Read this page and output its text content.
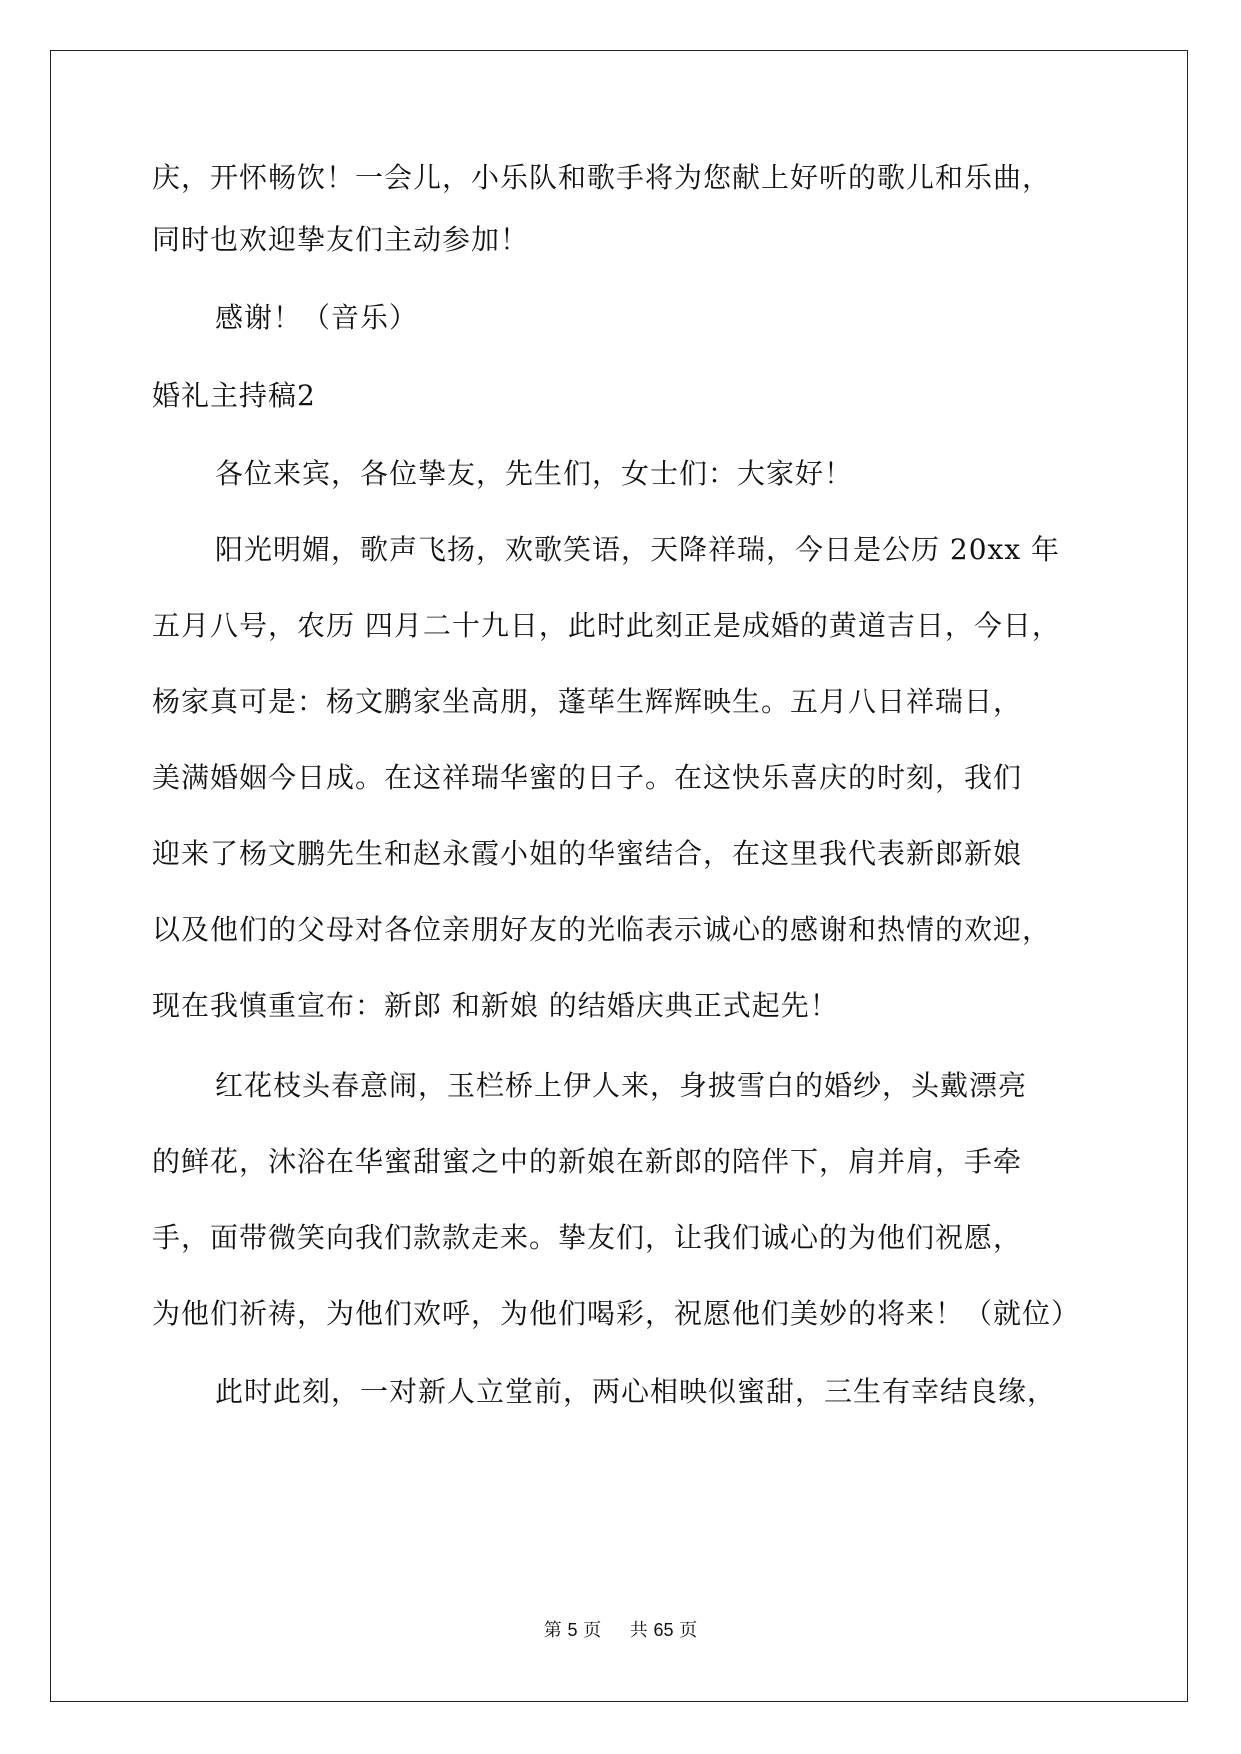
庆，开怀畅饮！一会儿，小乐队和歌手将为您献上好听的歌儿和乐曲，
同时也欢迎挚友们主动参加！
感谢！（音乐）
婚礼主持稿2
各位来宾，各位挚友，先生们，女士们：大家好！
阳光明媚，歌声飞扬，欢歌笑语，天降祥瑞，今日是公历 20xx 年
五月八号，农历 四月二十九日，此时此刻正是成婚的黄道吉日，今日，
杨家真可是：杨文鹏家坐高朋，蓬荜生辉辉映生。五月八日祥瑞日，
美满婚姻今日成。在这祥瑞华蜜的日子。在这快乐喜庆的时刻，我们
迎来了杨文鹏先生和赵永霞小姐的华蜜结合，在这里我代表新郎新娘
以及他们的父母对各位亲朋好友的光临表示诚心的感谢和热情的欢迎，
现在我慎重宣布：新郎 和新娘 的结婚庆典正式起先！
红花枝头春意闹，玉栏桥上伊人来，身披雪白的婚纱，头戴漂亮
的鲜花，沐浴在华蜜甜蜜之中的新娘在新郎的陪伴下，肩并肩，手牵
手，面带微笑向我们款款走来。挚友们，让我们诚心的为他们祝愿，
为他们祈祷，为他们欢呼，为他们喝彩，祝愿他们美妙的将来！（就位）
此时此刻，一对新人立堂前，两心相映似蜜甜，三生有幸结良缘，
第 5 页 共 65 页
